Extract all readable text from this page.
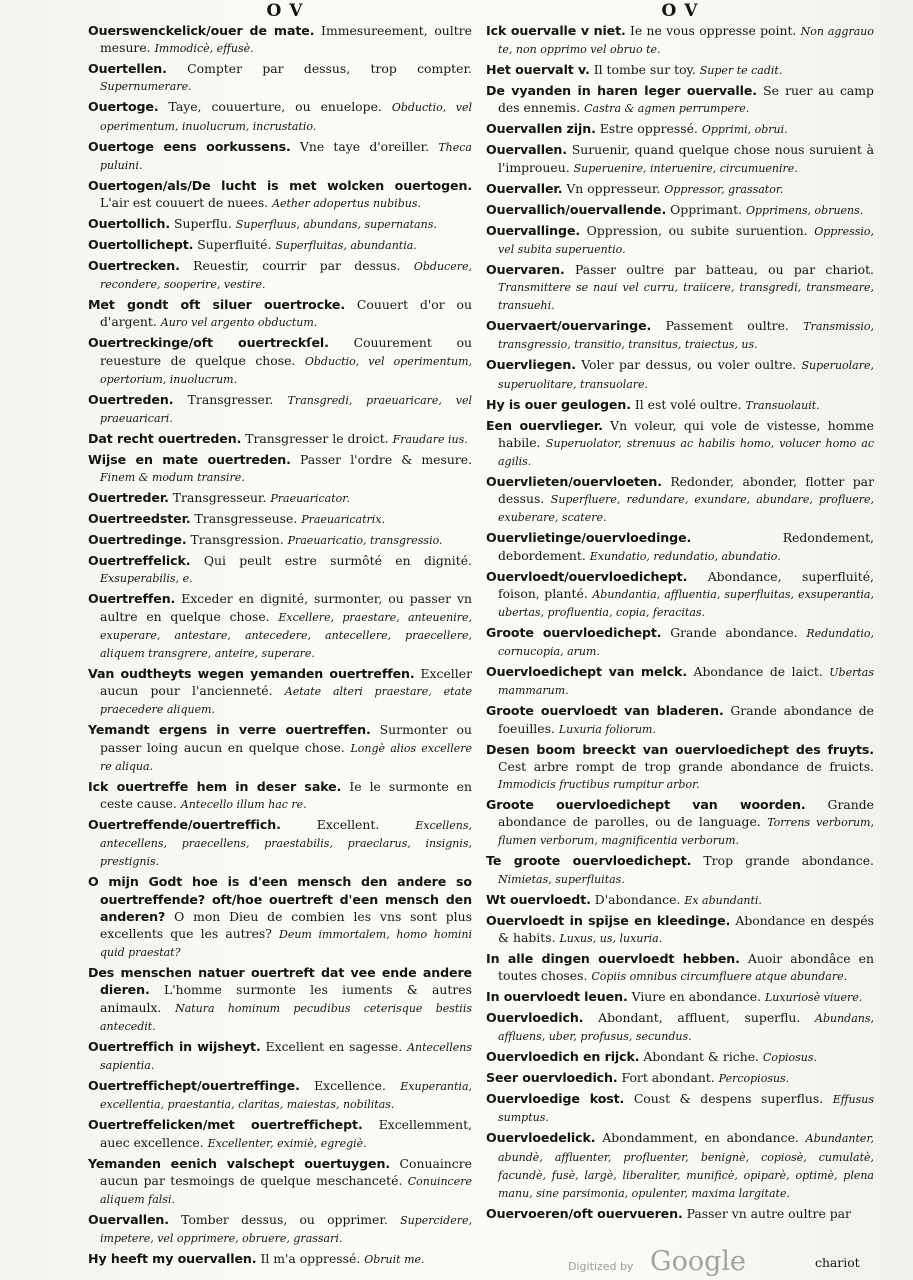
O V	O V

Ouerswenckelick/ouer de mate. Immesureement, oultre mesure. Immodicè, effusè.

Ouertellen. Compter par dessus, trop compter. Supernumerare.

Ouertoge. Taye, couuerture, ou enuelope. Obductio, vel operimentum, inuolucrum, incrustatio.

Ouertoge eens oorkussens. Vne taye d'oreiller. Theca puluini.

Ouertogen/als/De lucht is met wolcken ouertogen. L'air est couuert de nuees. Aether adopertus nubibus.

Ouertollich. Superflu. Superfluus, abundans, supernatans.

Ouertollichept. Superfluité. Superfluitas, abundantia.

Ouertrecken. Reuestir, courrir par dessus. Obducere, recondere, sooperire, vestire.

Met gondt oft siluer ouertrocke. Couuert d'or ou d'argent. Auro vel argento obductum.

Ouertreckinge/oft ouertreckſel. Couurement ou reuesture de quelque chose. Obductio, vel operimentum, opertorium, inuolucrum.

Ouertreden. Transgresser. Transgredi, praeuaricare, vel praeuaricari.

Dat recht ouertreden. Transgresser le droict. Fraudare ius.

Wijse en mate ouertreden. Passer l'ordre & mesure. Finem & modum transire.

Ouertreder. Transgresseur. Praeuaricator.

Ouertreedster. Transgresseuse. Praeuaricatrix.

Ouertredinge. Transgression. Praeuaricatio, transgressio.

Ouertreffelick. Qui peult estre surmôté en dignité. Exsuperabilis, e.

Ouertreffen. Exceder en dignité, surmonter, ou passer vn aultre en quelque chose. Excellere, praestare, anteuenire, exuperare, antestare, antecedere, antecellere, praecellere, aliquem transgrere, anteire, superare.

Van oudtheyts wegen yemanden ouertreffen. Exceller aucun pour l'ancienneté. Aetate alteri praestare, etate praecedere aliquem.

Yemandt ergens in verre ouertreffen. Surmonter ou passer loing aucun en quelque chose. Longè alios excellere re aliqua.

Ick ouertreffe hem in deser sake. Ie le surmonte en ceste cause. Antecello illum hac re.

Ouertreffende/ouertreffich. Excellent. Excellens, antecellens, praecellens, praestabilis, praeclarus, insignis, prestignis.

O mijn Godt hoe is d'een mensch den andere so ouertreffende? oft/hoe ouertreft d'een mensch den anderen? O mon Dieu de combien les vns sont plus excellents que les autres? Deum immortalem, homo homini quid praestat?

Des menschen natuer ouertreft dat vee ende andere dieren. L'homme surmonte les iuments & autres animaulx. Natura hominum pecudibus ceterisque bestiis antecedit.

Ouertreffich in wijsheyt. Excellent en sagesse. Antecellens sapientia.

Ouertreffichept/ouertreffinge. Excellence. Exuperantia, excellentia, praestantia, claritas, maiestas, nobilitas.

Ouertreffelicken/met ouertreffichept. Excellemment, auec excellence. Excellenter, eximiè, egregiè.

Yemanden eenich valschept ouertuygen. Conuaincre aucun par tesmoings de quelque meschanceté. Conuincere aliquem falsi.

Ouervallen. Tomber dessus, ou opprimer. Supercidere, impetere, vel opprimere, obruere, grassari.

Hy heeft my ouervallen. Il m'a oppressé. Obruit me.

Ick ouervalle v niet. Ie ne vous oppresse point. Non aggrauo te, non opprimo vel obruo te.

Het ouervalt v. Il tombe sur toy. Super te cadit.

De vyanden in haren leger ouervalle. Se ruer au camp des ennemis. Castra & agmen perrumpere.

Ouervallen zijn. Estre oppressé. Opprimi, obrui.

Ouervallen. Suruenir, quand quelque chose nous suruient à l'improueu. Superuenire, interuenire, circumuenire.

Ouervaller. Vn oppresseur. Oppressor, grassator.

Ouervallich/ouervallende. Opprimant. Opprimens, obruens.

Ouervallinge. Oppression, ou subite suruention. Oppressio, vel subita superuentio.

Ouervaren. Passer oultre par batteau, ou par chariot. Transmittere se naui vel curru, traiicere, transgredi, transmeare, transuehi.

Ouervaert/ouervaringe. Passement oultre. Transmissio, transgressio, transitio, transitus, traiectus, us.

Ouervliegen. Voler par dessus, ou voler oultre. Superuolare, superuolitare, transuolare.

Hy is ouer geulogen. Il est volé oultre. Transuolauit.

Een ouervlieger. Vn voleur, qui vole de vistesse, homme habile. Superuolator, strenuus ac habilis homo, volucer homo ac agilis.

Ouervlieten/ouervloeten. Redonder, abonder, flotter par dessus. Superfluere, redundare, exundare, abundare, profluere, exuberare, scatere.

Ouervlietinge/ouervloedinge. Redondement, debordement. Exundatio, redundatio, abundatio.

Ouervloedt/ouervloedichept. Abondance, superfluité, foison, planté. Abundantia, affluentia, superfluitas, exsuperantia, ubertas, profluentia, copia, feracitas.

Groote ouervloedichept. Grande abondance. Redundatio, cornucopia, arum.

Ouervloedichept van melck. Abondance de laict. Ubertas mammarum.

Groote ouervloedt van bladeren. Grande abondance de foeuilles. Luxuria foliorum.

Desen boom breeckt van ouervloedichept des fruyts. Cest arbre rompt de trop grande abondance de fruicts. Immodicis fructibus rumpitur arbor.

Groote ouervloedichept van woorden. Grande abondance de parolles, ou de language. Torrens verborum, flumen verborum, magnificentia verborum.

Te groote ouervloedichept. Trop grande abondance. Nimietas, superfluitas.

Wt ouervloedt. D'abondance. Ex abundanti.

Ouervloedt in spijse en kleedinge. Abondance en despés & habits. Luxus, us, luxuria.

In alle dingen ouervloedt hebben. Auoir abondâce en toutes choses. Copiis omnibus circumfluere atque abundare.

In ouervloedt leuen. Viure en abondance. Luxuriosè viuere.

Ouervloedich. Abondant, affluent, superflu. Abundans, affluens, uber, profusus, secundus.

Ouervloedich en rijck. Abondant & riche. Copiosus.

Seer ouervloedich. Fort abondant. Percopiosus.

Ouervloedige kost. Coust & despens superflus. Effusus sumptus.

Ouervloedelick. Abondamment, en abondance. Abundanter, abundè, affluenter, profluenter, benignè, copiosè, cumulatè, facundè, fusè, largè, liberaliter, munificè, opiparè, optimè, plena manu, sine parsimonia, opulenter, maxima largitate.

Ouervoeren/oft ouervueren. Passer vn autre oultre par

chariot
Digitized by Google
